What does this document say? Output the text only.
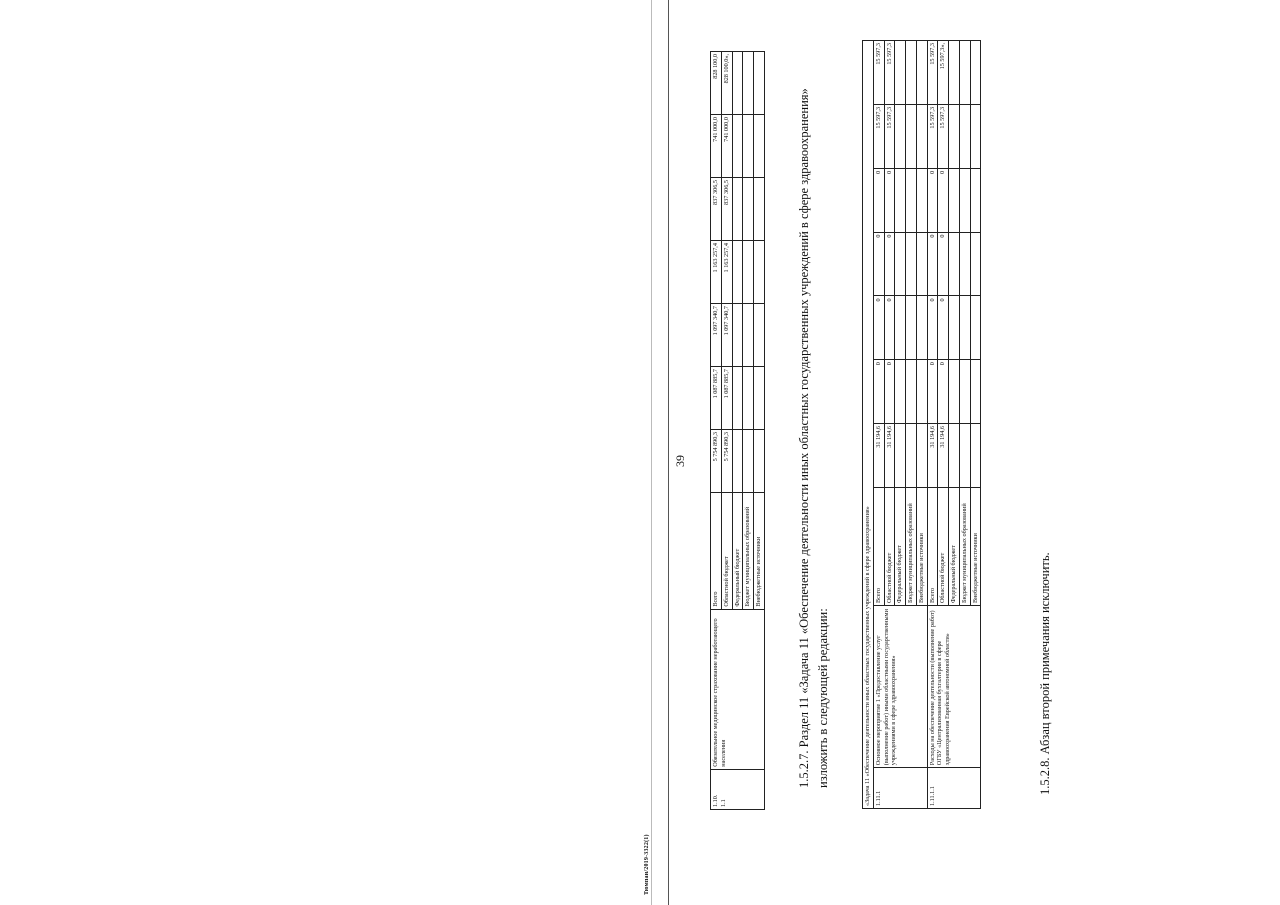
Тюмпан/2019-3322(1)
39
1.10.
1.1	Обязательное медицинское страхование неработающего населения	Всего	5 754 890,3	1 087 885,7	1 097 340,7	1 163 257,4	837 306,5	741 000,0	828 100,0
		Областной бюджет	5 754 890,3	1 087 885,7	1 097 340,7	1 163 257,4	837 306,5	741 000,0	828 100,0»,
		Федеральный бюджет							
		Бюджет муниципальных образований							
		Внебюджетные источники								1.5.2.7. Раздел 11 «Задача 11 «Обеспечение деятельности иных областных государственных учреждений в сфере здравоохранения» изложить в следующей редакции:	«Задача 11 «Обеспечение деятельности иных областных государственных учреждений в сфере здравоохранения»									
1.11.1	Основное мероприятие 1 «Предоставление услуг (выполнение работ) иными областными государственными учреждениями в сфере здравоохранения»	Всего	31 194,6	0	0	0	0	15 597,3	15 597,3
		Областной бюджет	31 194,6	0	0	0	0	15 597,3	15 597,3
		Федеральный бюджет							
		Бюджет муниципальных образований							
		Внебюджетные источники							
1.11.1.1	Расходы на обеспечение деятельности (выполнение работ) ОГБУ «Централизованная бухгалтерия в сфере здравоохранения Еврейской автономной области»	Всего	31 194,6	0	0	0	0	15 597,3	15 597,3
		Областной бюджет	31 194,6	0	0	0	0	15 597,3	15 597,3»,
		Федеральный бюджет							
		Бюджет муниципальных образований							
		Внебюджетные источники								1.5.2.8. Абзац второй примечания исключить.
